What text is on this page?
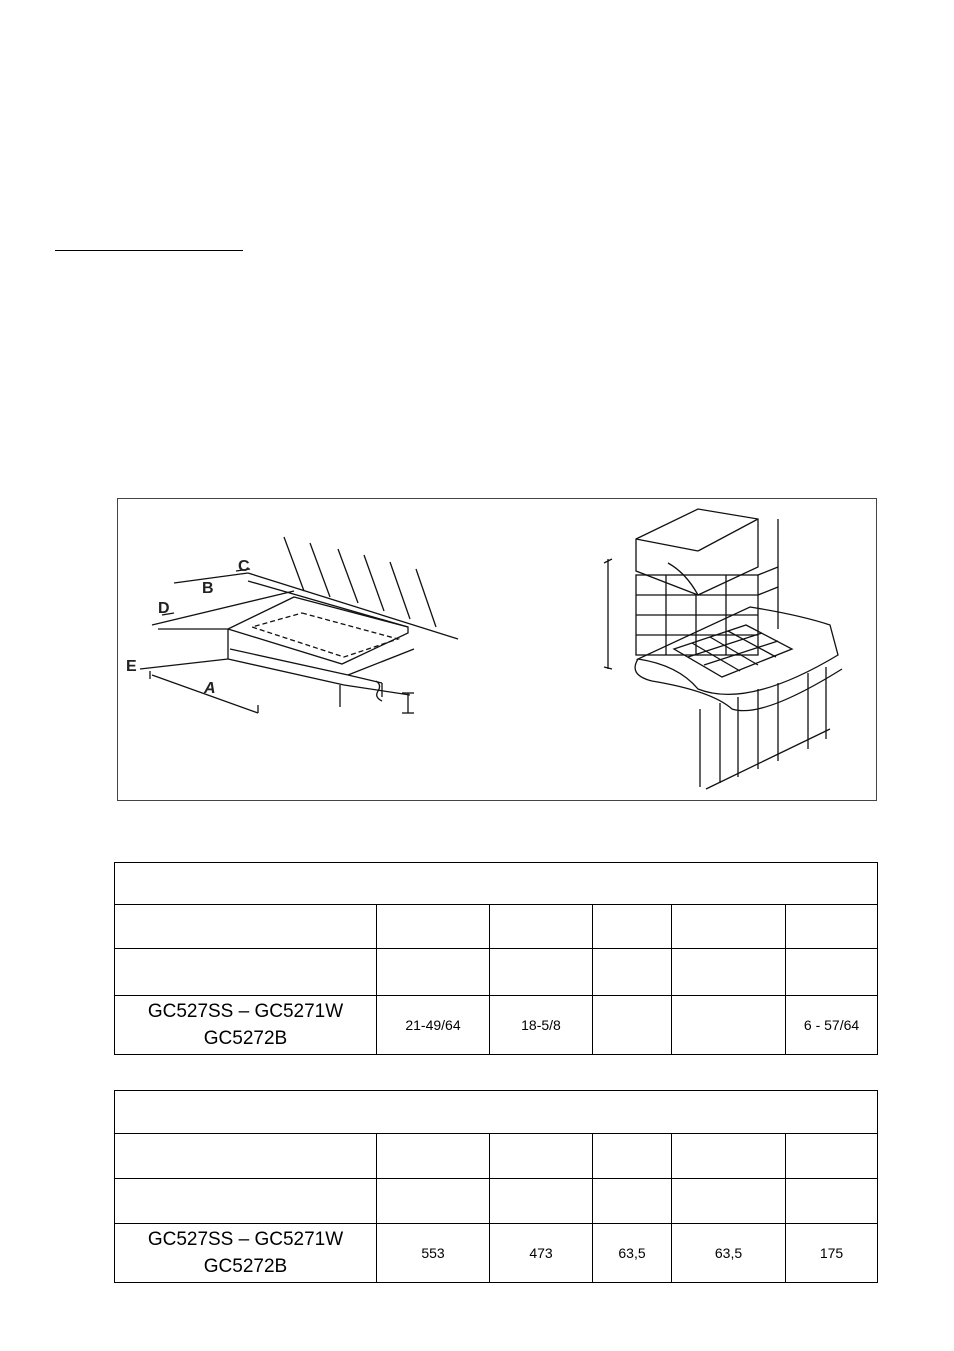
C
B
D
E
A

GC527SS – GC5271W
GC5272B	21-49/64	18-5/8			6 - 57/64

GC527SS – GC5271W
GC5272B	553	473	63,5	63,5	175
